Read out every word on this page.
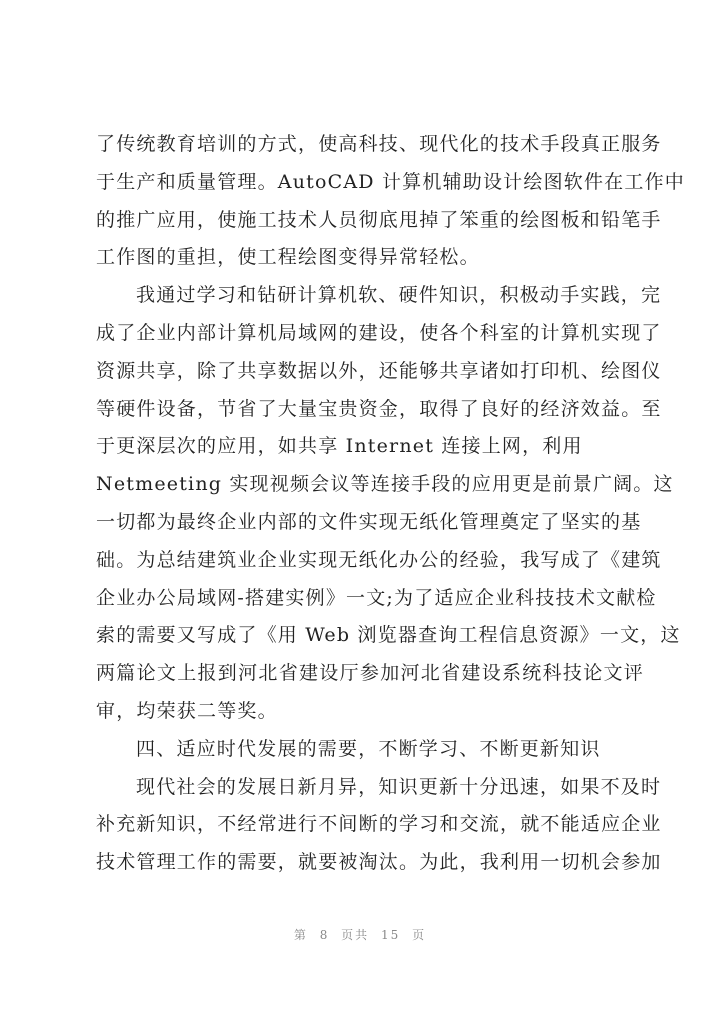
了传统教育培训的方式，使高科技、现代化的技术手段真正服务
于生产和质量管理。AutoCAD 计算机辅助设计绘图软件在工作中
的推广应用，使施工技术人员彻底甩掉了笨重的绘图板和铅笔手
工作图的重担，使工程绘图变得异常轻松。
我通过学习和钻研计算机软、硬件知识，积极动手实践，完
成了企业内部计算机局域网的建设，使各个科室的计算机实现了
资源共享，除了共享数据以外，还能够共享诸如打印机、绘图仪
等硬件设备，节省了大量宝贵资金，取得了良好的经济效益。至
于更深层次的应用，如共享 Internet 连接上网，利用
Netmeeting 实现视频会议等连接手段的应用更是前景广阔。这
一切都为最终企业内部的文件实现无纸化管理奠定了坚实的基
础。为总结建筑业企业实现无纸化办公的经验，我写成了《建筑
企业办公局域网-搭建实例》一文;为了适应企业科技技术文献检
索的需要又写成了《用 Web 浏览器查询工程信息资源》一文，这
两篇论文上报到河北省建设厅参加河北省建设系统科技论文评
审，均荣获二等奖。
四、适应时代发展的需要，不断学习、不断更新知识
现代社会的发展日新月异，知识更新十分迅速，如果不及时
补充新知识，不经常进行不间断的学习和交流，就不能适应企业
技术管理工作的需要，就要被淘汰。为此，我利用一切机会参加
第 8 页共 15 页
